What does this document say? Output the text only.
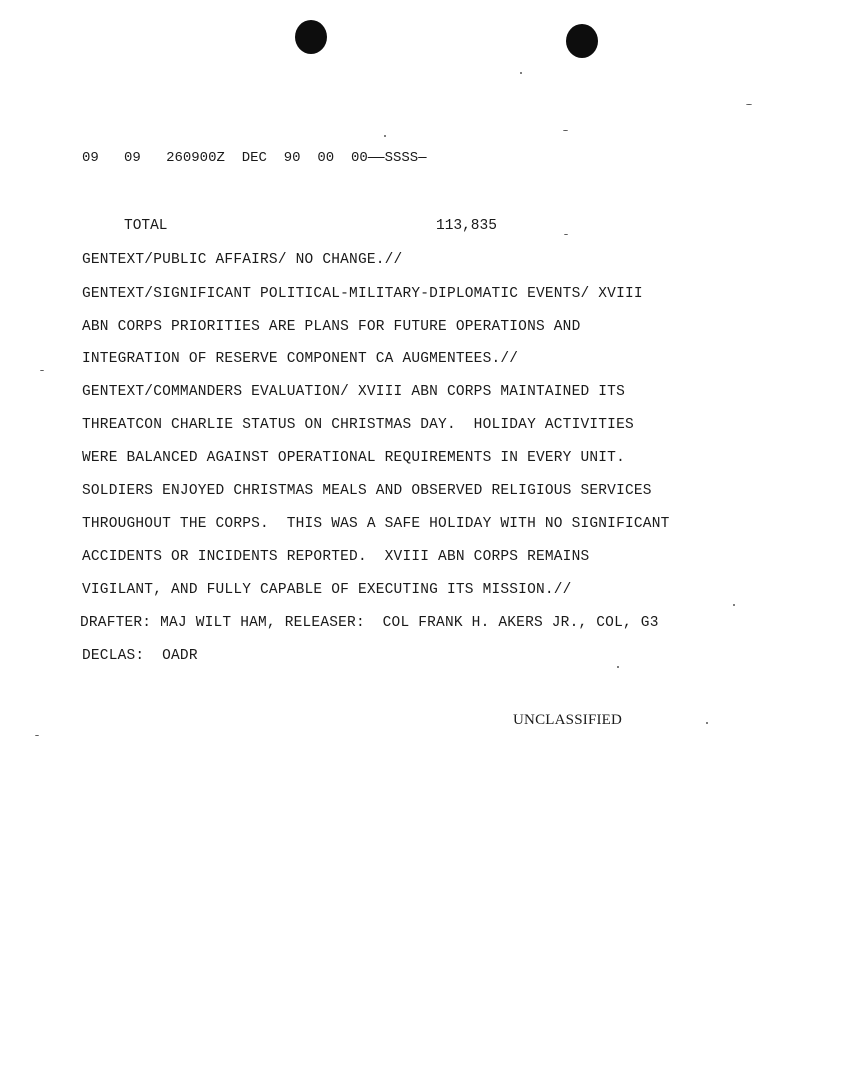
09 09 260900Z DEC 90 00 00 SSSS
TOTAL	113,835
GENTEXT/PUBLIC AFFAIRS/ NO CHANGE.//
GENTEXT/SIGNIFICANT POLITICAL-MILITARY-DIPLOMATIC EVENTS/ XVIII
ABN CORPS PRIORITIES ARE PLANS FOR FUTURE OPERATIONS AND
INTEGRATION OF RESERVE COMPONENT CA AUGMENTEES.//
GENTEXT/COMMANDERS EVALUATION/ XVIII ABN CORPS MAINTAINED ITS
THREATCON CHARLIE STATUS ON CHRISTMAS DAY.  HOLIDAY ACTIVITIES
WERE BALANCED AGAINST OPERATIONAL REQUIREMENTS IN EVERY UNIT.
SOLDIERS ENJOYED CHRISTMAS MEALS AND OBSERVED RELIGIOUS SERVICES
THROUGHOUT THE CORPS.  THIS WAS A SAFE HOLIDAY WITH NO SIGNIFICANT
ACCIDENTS OR INCIDENTS REPORTED.  XVIII ABN CORPS REMAINS
VIGILANT, AND FULLY CAPABLE OF EXECUTING ITS MISSION.//
DRAFTER: MAJ WILT HAM, RELEASER:  COL FRANK H. AKERS JR., COL, G3
DECLAS:  OADR
UNCLASSIFIED
